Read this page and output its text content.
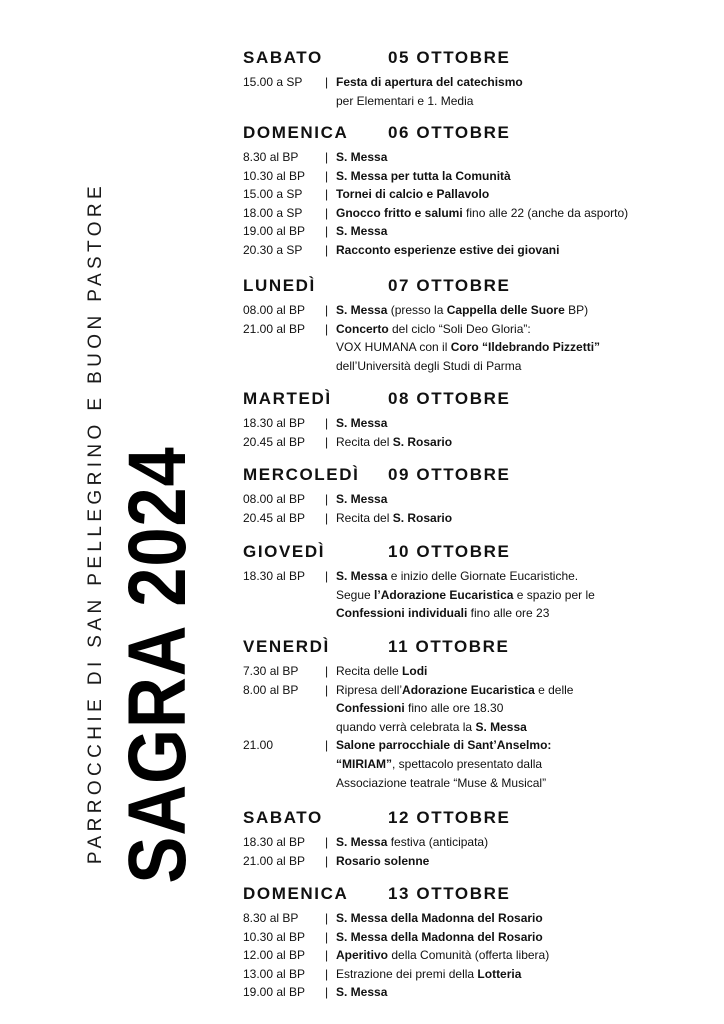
PARROCCHIE DI SAN PELLEGRINO E BUON PASTORE SAGRA 2024
SABATO	05 OTTOBRE
15.00 a SP	| Festa di apertura del catechismo
per Elementari e 1. Media
DOMENICA	06 OTTOBRE
8.30 al BP	| S. Messa
10.30 al BP	| S. Messa per tutta la Comunità
15.00 a SP	| Tornei di calcio e Pallavolo
18.00 a SP	| Gnocco fritto e salumi fino alle 22 (anche da asporto)
19.00 al BP	| S. Messa
20.30 a SP	| Racconto esperienze estive dei giovani
LUNEDÌ	07 OTTOBRE
08.00 al BP	| S. Messa (presso la Cappella delle Suore BP)
21.00 al BP	| Concerto del ciclo “Soli Deo Gloria”:
VOX HUMANA con il Coro “Ildebrando Pizzetti”
dell’Università degli Studi di Parma
MARTEDÌ	08 OTTOBRE
18.30 al BP	| S. Messa
20.45 al BP	| Recita del S. Rosario
MERCOLEDÌ	09 OTTOBRE
08.00 al BP	| S. Messa
20.45 al BP	| Recita del S. Rosario
GIOVEDÌ	10 OTTOBRE
18.30 al BP	| S. Messa e inizio delle Giornate Eucaristiche.
Segue l’Adorazione Eucaristica e spazio per le
Confessioni individuali fino alle ore 23
VENERDÌ	11 OTTOBRE
7.30 al BP	| Recita delle Lodi
8.00 al BP	| Ripresa dell’Adorazione Eucaristica e delle
Confessioni fino alle ore 18.30
quando verrà celebrata la S. Messa
21.00	| Salone parrocchiale di Sant’Anselmo:
“MIRIAM”, spettacolo presentato dalla
Associazione teatrale “Muse & Musical”
SABATO	12 OTTOBRE
18.30 al BP	| S. Messa festiva (anticipata)
21.00 al BP	| Rosario solenne
DOMENICA	13 OTTOBRE
8.30 al BP	| S. Messa della Madonna del Rosario
10.30 al BP	| S. Messa della Madonna del Rosario
12.00 al BP	| Aperitivo della Comunità (offerta libera)
13.00 al BP	| Estrazione dei premi della Lotteria
19.00 al BP	| S. Messa
